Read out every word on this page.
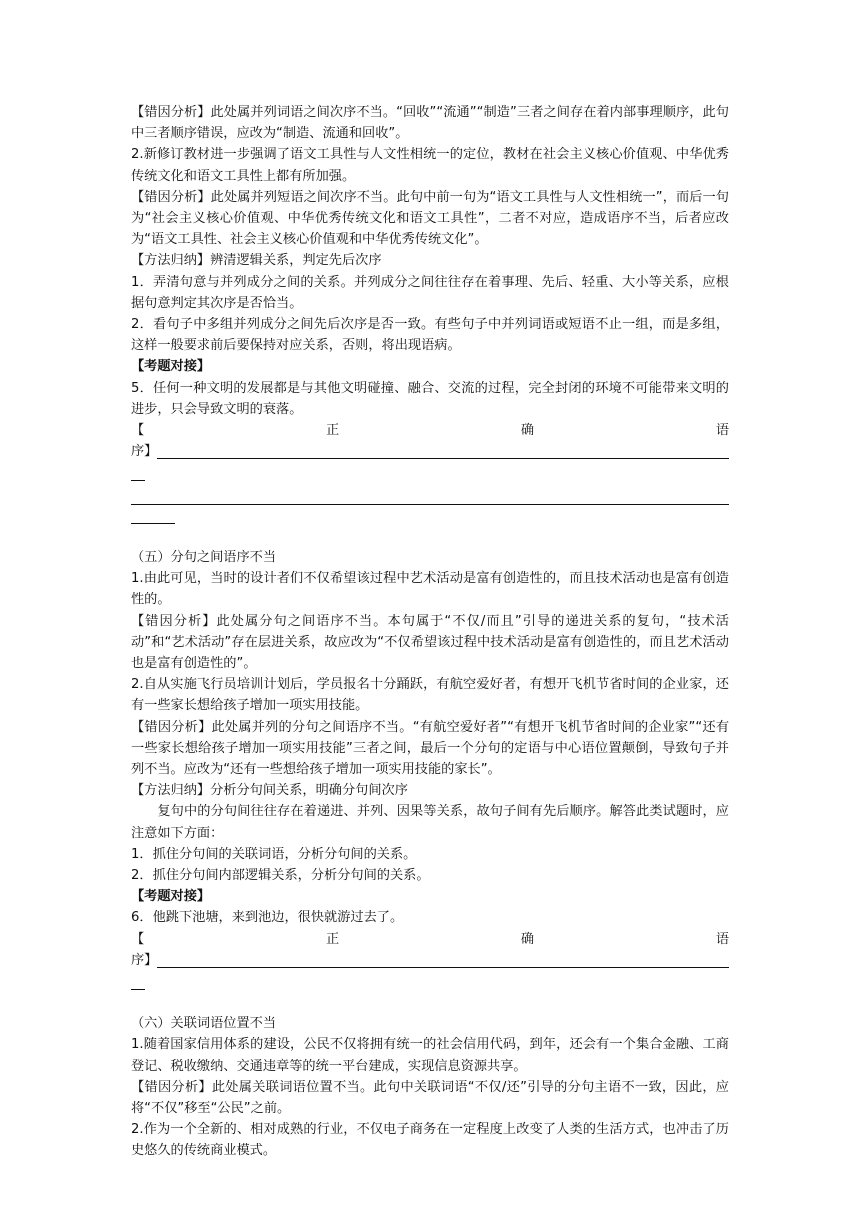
【错因分析】此处属并列词语之间次序不当。“回收”“流通”“制造”三者之间存在着内部事理顺序，此句中三者顺序错误，应改为“制造、流通和回收”。

2.新修订教材进一步强调了语文工具性与人文性相统一的定位，教材在社会主义核心价值观、中华优秀传统文化和语文工具性上都有所加强。

【错因分析】此处属并列短语之间次序不当。此句中前一句为“语文工具性与人文性相统一”，而后一句为“社会主义核心价值观、中华优秀传统文化和语文工具性”，二者不对应，造成语序不当，后者应改为“语文工具性、社会主义核心价值观和中华优秀传统文化”。

【方法归纳】辨清逻辑关系，判定先后次序

1．弄清句意与并列成分之间的关系。并列成分之间往往存在着事理、先后、轻重、大小等关系，应根据句意判定其次序是否恰当。

2．看句子中多组并列成分之间先后次序是否一致。有些句子中并列词语或短语不止一组，而是多组，这样一般要求前后要保持对应关系，否则，将出现语病。

【考题对接】

5．任何一种文明的发展都是与其他文明碰撞、融合、交流的过程，完全封闭的环境不可能带来文明的进步，只会导致文明的衰落。

【	正	确	语
序】

（五）分句之间语序不当

1.由此可见，当时的设计者们不仅希望该过程中艺术活动是富有创造性的，而且技术活动也是富有创造性的。

【错因分析】此处属分句之间语序不当。本句属于“不仅/而且”引导的递进关系的复句，“技术活动”和“艺术活动”存在层进关系，故应改为“不仅希望该过程中技术活动是富有创造性的，而且艺术活动也是富有创造性的”。

2.自从实施飞行员培训计划后，学员报名十分踊跃，有航空爱好者，有想开飞机节省时间的企业家，还有一些家长想给孩子增加一项实用技能。

【错因分析】此处属并列的分句之间语序不当。“有航空爱好者”“有想开飞机节省时间的企业家”“还有一些家长想给孩子增加一项实用技能”三者之间，最后一个分句的定语与中心语位置颠倒，导致句子并列不当。应改为“还有一些想给孩子增加一项实用技能的家长”。

【方法归纳】分析分句间关系，明确分句间次序

复句中的分句间往往存在着递进、并列、因果等关系，故句子间有先后顺序。解答此类试题时，应注意如下方面：

1．抓住分句间的关联词语，分析分句间的关系。

2．抓住分句间内部逻辑关系，分析分句间的关系。

【考题对接】

6．他跳下池塘，来到池边，很快就游过去了。

【	正	确	语
序】

（六）关联词语位置不当

1.随着国家信用体系的建设，公民不仅将拥有统一的社会信用代码，到年，还会有一个集合金融、工商登记、税收缴纳、交通违章等的统一平台建成，实现信息资源共享。

【错因分析】此处属关联词语位置不当。此句中关联词语“不仅/还”引导的分句主语不一致，因此，应将“不仅”移至“公民”之前。

2.作为一个全新的、相对成熟的行业，不仅电子商务在一定程度上改变了人类的生活方式，也冲击了历史悠久的传统商业模式。
